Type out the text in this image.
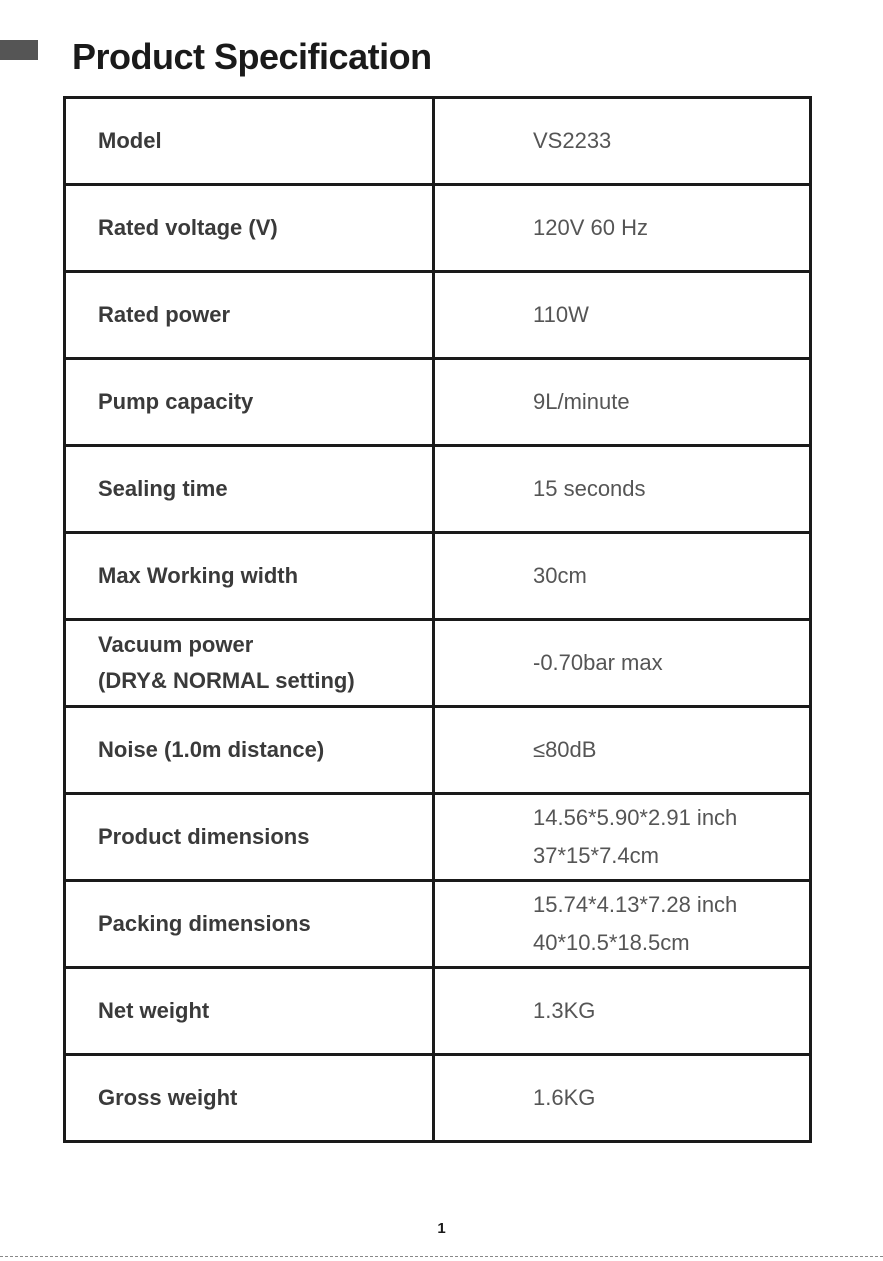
Product Specification
Model	VS2233

Rated voltage (V)	120V 60 Hz

Rated power	110W

Pump capacity	9L/minute

Sealing time	15 seconds

Max Working width	30cm

Vacuum power
(DRY& NORMAL setting)	-0.70bar max

Noise (1.0m distance)	≤80dB

Product dimensions	14.56*5.90*2.91 inch
37*15*7.4cm

Packing dimensions	15.74*4.13*7.28 inch
40*10.5*18.5cm

Net weight	1.3KG

Gross weight	1.6KG
1
